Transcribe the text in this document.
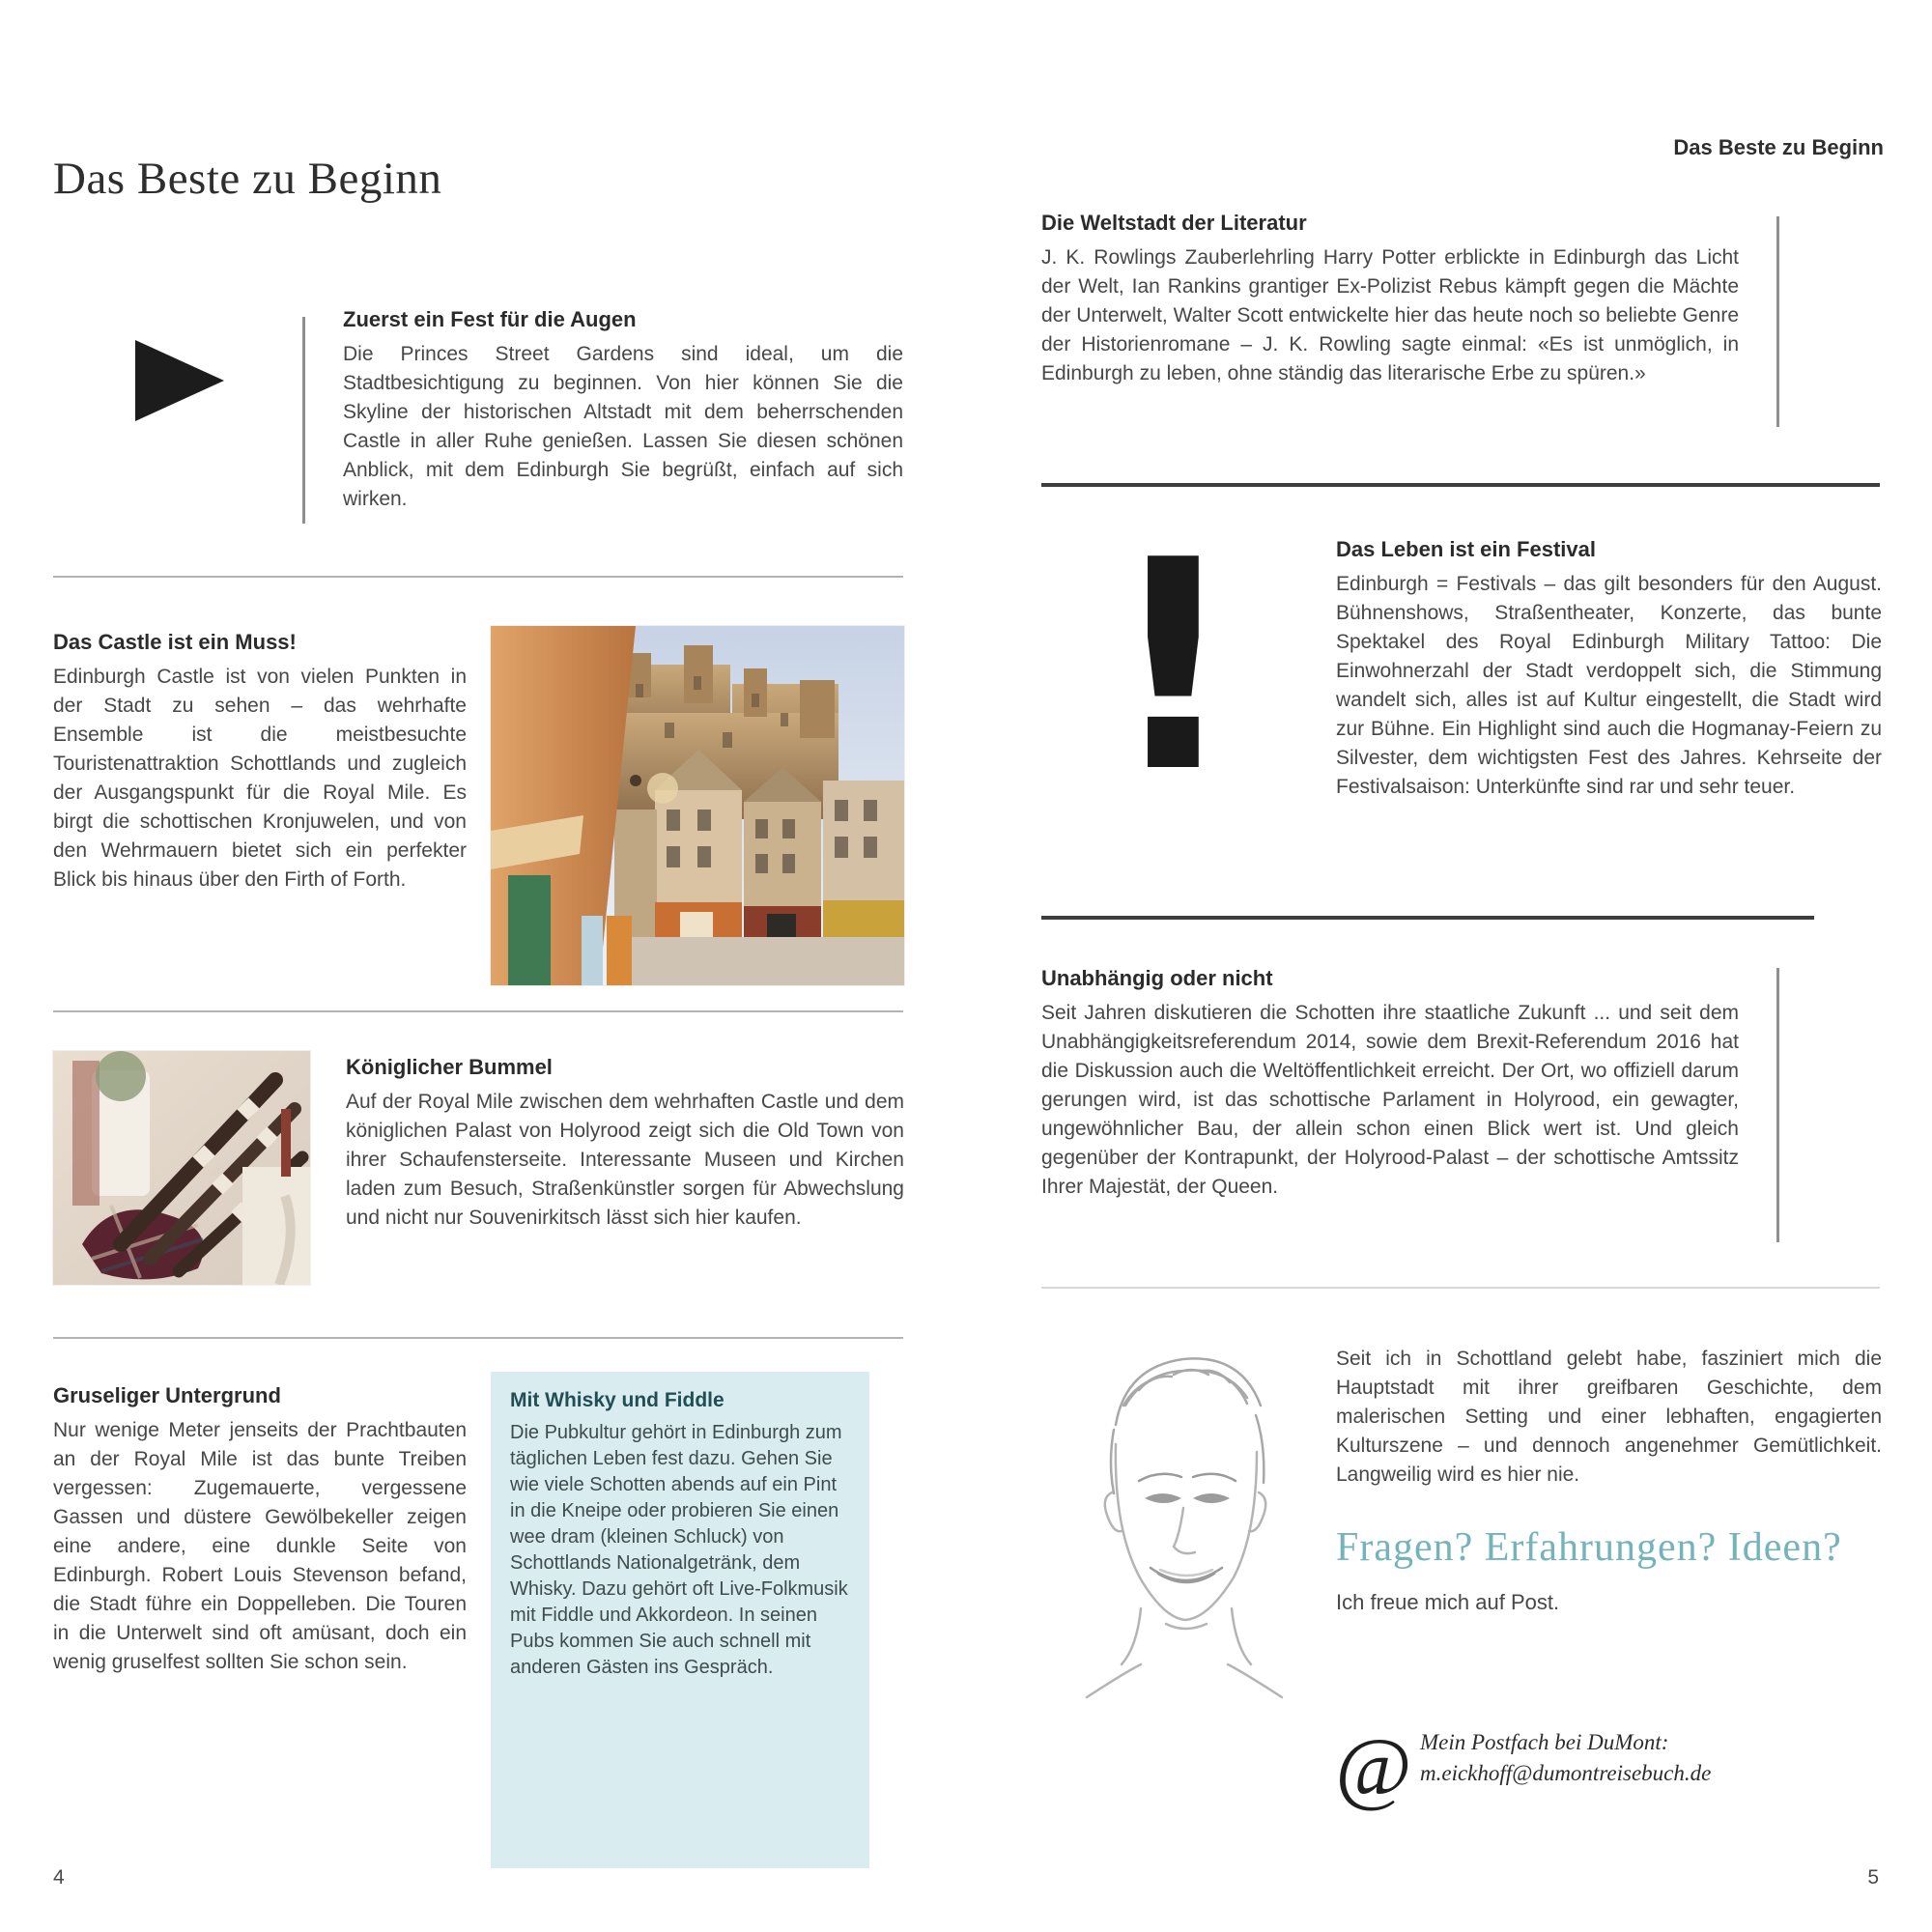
Das Beste zu Beginn
Zuerst ein Fest für die Augen
Die Princes Street Gardens sind ideal, um die Stadtbesichtigung zu beginnen. Von hier können Sie die Skyline der historischen Altstadt mit dem beherrschenden Castle in aller Ruhe genießen. Lassen Sie diesen schönen Anblick, mit dem Edinburgh Sie begrüßt, einfach auf sich wirken.
Das Castle ist ein Muss!
Edinburgh Castle ist von vielen Punkten in der Stadt zu sehen – das wehrhafte Ensemble ist die meistbesuchte Touristenattraktion Schottlands und zugleich der Ausgangspunkt für die Royal Mile. Es birgt die schottischen Kronjuwelen, und von den Wehrmauern bietet sich ein perfekter Blick bis hinaus über den Firth of Forth.
Königlicher Bummel
Auf der Royal Mile zwischen dem wehrhaften Castle und dem königlichen Palast von Holyrood zeigt sich die Old Town von ihrer Schaufensterseite. Interessante Museen und Kirchen laden zum Besuch, Straßenkünstler sorgen für Abwechslung und nicht nur Souvenirkitsch lässt sich hier kaufen.
Gruseliger Untergrund
Nur wenige Meter jenseits der Prachtbauten an der Royal Mile ist das bunte Treiben vergessen: Zugemauerte, vergessene Gassen und düstere Gewölbekeller zeigen eine andere, eine dunkle Seite von Edinburgh. Robert Louis Stevenson befand, die Stadt führe ein Doppelleben. Die Touren in die Unterwelt sind oft amüsant, doch ein wenig gruselfest sollten Sie schon sein.
Mit Whisky und Fiddle
Die Pubkultur gehört in Edinburgh zum täglichen Leben fest dazu. Gehen Sie wie viele Schotten abends auf ein Pint in die Kneipe oder probieren Sie einen wee dram (kleinen Schluck) von Schottlands Nationalgetränk, dem Whisky. Dazu gehört oft Live-Folkmusik mit Fiddle und Akkordeon. In seinen Pubs kommen Sie auch schnell mit anderen Gästen ins Gespräch.
4
Das Beste zu Beginn
Die Weltstadt der Literatur
J. K. Rowlings Zauberlehrling Harry Potter erblickte in Edinburgh das Licht der Welt, Ian Rankins grantiger Ex-Polizist Rebus kämpft gegen die Mächte der Unterwelt, Walter Scott entwickelte hier das heute noch so beliebte Genre der Historienromane – J. K. Rowling sagte einmal: «Es ist unmöglich, in Edinburgh zu leben, ohne ständig das literarische Erbe zu spüren.»
!	Das Leben ist ein Festival
Edinburgh = Festivals – das gilt besonders für den August. Bühnenshows, Straßentheater, Konzerte, das bunte Spektakel des Royal Edinburgh Military Tattoo: Die Einwohnerzahl der Stadt verdoppelt sich, die Stimmung wandelt sich, alles ist auf Kultur eingestellt, die Stadt wird zur Bühne. Ein Highlight sind auch die Hogmanay-Feiern zu Silvester, dem wichtigsten Fest des Jahres. Kehrseite der Festivalsaison: Unterkünfte sind rar und sehr teuer.
Unabhängig oder nicht
Seit Jahren diskutieren die Schotten ihre staatliche Zukunft ... und seit dem Unabhängigkeitsreferendum 2014, sowie dem Brexit-Referendum 2016 hat die Diskussion auch die Weltöffentlichkeit erreicht. Der Ort, wo offiziell darum gerungen wird, ist das schottische Parlament in Holyrood, ein gewagter, ungewöhnlicher Bau, der allein schon einen Blick wert ist. Und gleich gegenüber der Kontrapunkt, der Holyrood-Palast – der schottische Amtssitz Ihrer Majestät, der Queen.
Seit ich in Schottland gelebt habe, fasziniert mich die Hauptstadt mit ihrer greifbaren Geschichte, dem malerischen Setting und einer lebhaften, engagierten Kulturszene – und dennoch angenehmer Gemütlichkeit. Langweilig wird es hier nie.
Fragen? Erfahrungen? Ideen?
Ich freue mich auf Post.
@ Mein Postfach bei DuMont:
m.eickhoff@dumontreisebuch.de
5
